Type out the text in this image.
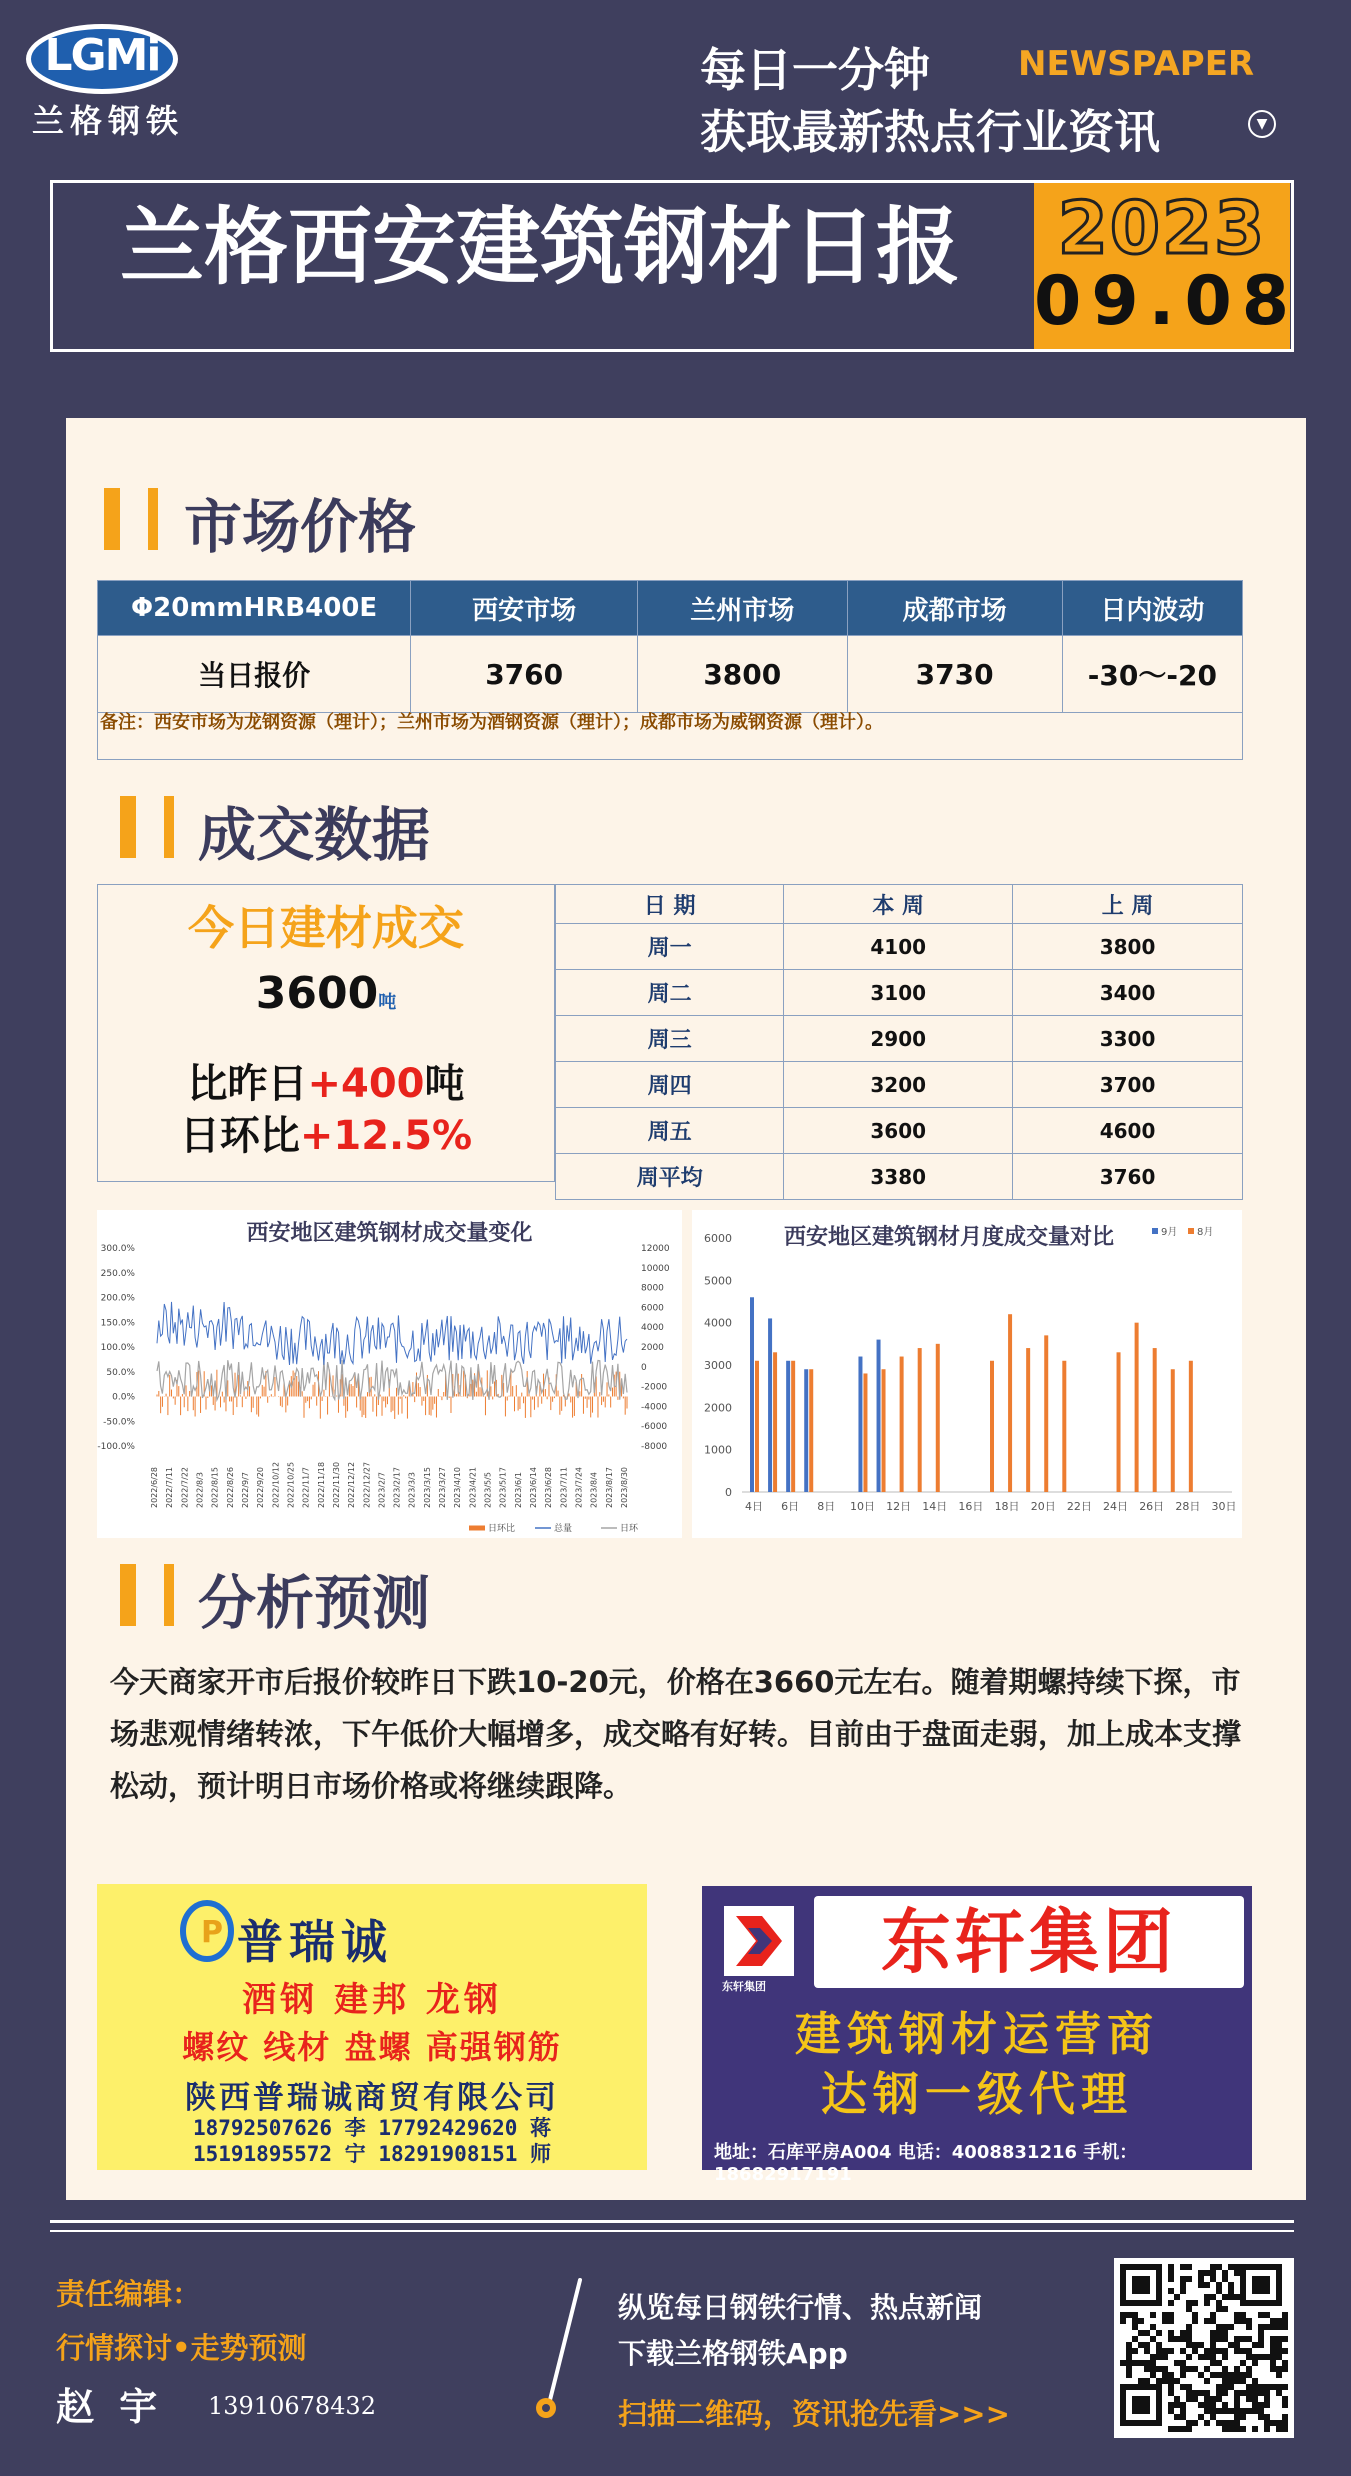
LGMi
兰格钢铁
每日一分钟	NEWSPAPER
获取最新热点行业资讯	▼
兰格西安建筑钢材日报	2023
09.08
市场价格
Φ20mmHRB400E	西安市场	兰州市场	成都市场	日内波动
当日报价	3760	3800	3730	-30～-20
备注：西安市场为龙钢资源（理计）；兰州市场为酒钢资源（理计）；成都市场为威钢资源（理计）。
成交数据
今日建材成交
3600吨
比昨日+400吨
日环比+12.5%
日 期	本 周	上 周
周一	4100	3800
周二	3100	3400
周三	2900	3300
周四	3200	3700
周五	3600	4600
周平均	3380	3760
西安地区建筑钢材成交量变化
300.0%
250.0%
200.0%
150.0%
100.0%
50.0%
0.0%
-50.0%
-100.0%
12000
10000
8000
6000
4000
2000
0
-2000
-4000
-6000
-8000
2022/6/28 2022/7/11 2022/7/22 2022/8/3 2022/8/15 2022/8/26 2022/9/7 2022/9/20 2022/10/12 2022/10/25 2022/11/7 2022/11/18 2022/11/30 2022/12/12 2022/12/27 2023/2/7 2023/2/17 2023/3/3 2023/3/15 2023/3/27 2023/4/10 2023/4/21 2023/5/5 2023/5/17 2023/6/1 2023/6/14 2023/6/28 2023/7/11 2023/7/24 2023/8/4 2023/8/17 2023/8/30
日环比	总量	日环
西安地区建筑钢材月度成交量对比
6000
5000
4000
3000
2000
1000
0
4日 6日 8日 10日 12日 14日 16日 18日 20日 22日 24日 26日 28日 30日
9月 8月
分析预测
今天商家开市后报价较昨日下跌10-20元，价格在3660元左右。随着期螺持续下探，市场悲观情绪转浓，下午低价大幅增多，成交略有好转。目前由于盘面走弱，加上成本支撑松动，预计明日市场价格或将继续跟降。
P 普瑞诚
酒钢 建邦 龙钢
螺纹 线材 盘螺 高强钢筋
陕西普瑞诚商贸有限公司
18792507626 李 17792429620 蒋
15191895572 宁 18291908151 师
东轩集团
东轩集团
建筑钢材运营商
达钢一级代理
地址：石库平房A004 电话：4008831216 手机：18682917191
责任编辑：
行情探讨•走势预测
赵 宇 13910678432
纵览每日钢铁行情、热点新闻
下载兰格钢铁App
扫描二维码，资讯抢先看>>>
